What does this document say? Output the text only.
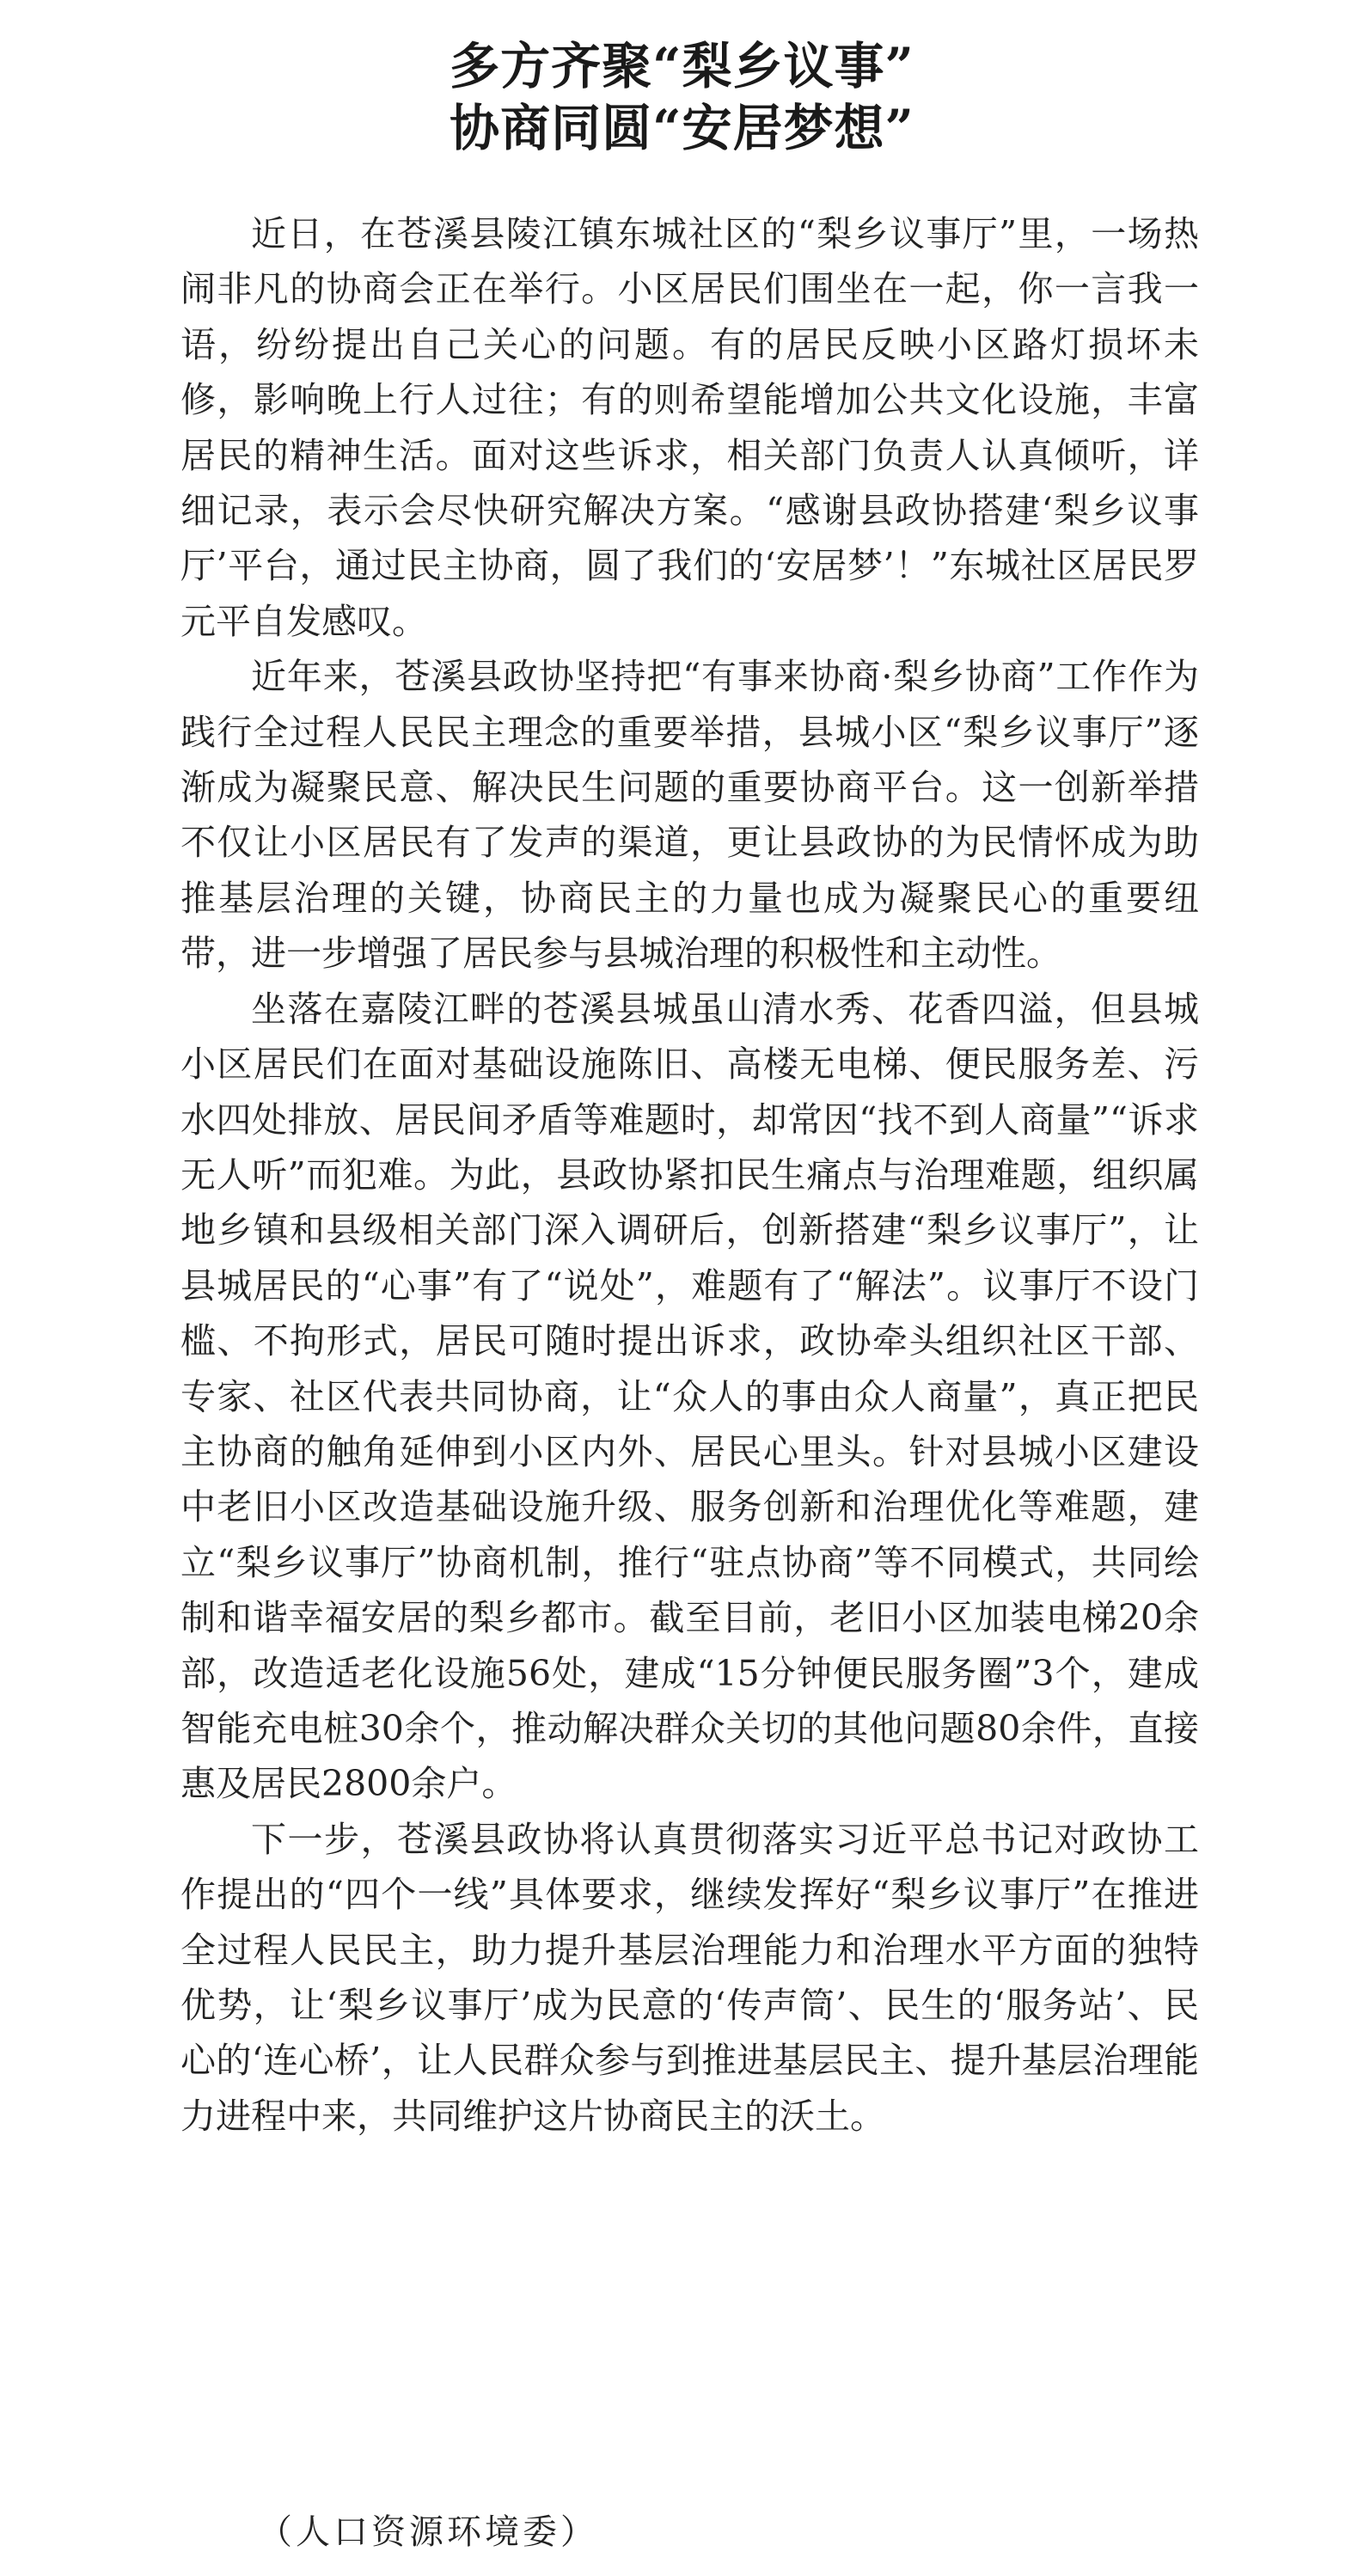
多方齐聚“梨乡议事”
协商同圆“安居梦想”

近日，在苍溪县陵江镇东城社区的“梨乡议事厅”里，一场热闹非凡的协商会正在举行。小区居民们围坐在一起，你一言我一语，纷纷提出自己关心的问题。有的居民反映小区路灯损坏未修，影响晚上行人过往；有的则希望能增加公共文化设施，丰富居民的精神生活。面对这些诉求，相关部门负责人认真倾听，详细记录，表示会尽快研究解决方案。“感谢县政协搭建‘梨乡议事厅’平台，通过民主协商，圆了我们的‘安居梦’！”东城社区居民罗元平自发感叹。

近年来，苍溪县政协坚持把“有事来协商·梨乡协商”工作作为践行全过程人民民主理念的重要举措，县城小区“梨乡议事厅”逐渐成为凝聚民意、解决民生问题的重要协商平台。这一创新举措不仅让小区居民有了发声的渠道，更让县政协的为民情怀成为助推基层治理的关键，协商民主的力量也成为凝聚民心的重要纽带，进一步增强了居民参与县城治理的积极性和主动性。

坐落在嘉陵江畔的苍溪县城虽山清水秀、花香四溢，但县城小区居民们在面对基础设施陈旧、高楼无电梯、便民服务差、污水四处排放、居民间矛盾等难题时，却常因“找不到人商量”“诉求无人听”而犯难。为此，县政协紧扣民生痛点与治理难题，组织属地乡镇和县级相关部门深入调研后，创新搭建“梨乡议事厅”，让县城居民的“心事”有了“说处”，难题有了“解法”。议事厅不设门槛、不拘形式，居民可随时提出诉求，政协牵头组织社区干部、专家、社区代表共同协商，让“众人的事由众人商量”，真正把民主协商的触角延伸到小区内外、居民心里头。针对县城小区建设中老旧小区改造基础设施升级、服务创新和治理优化等难题，建立“梨乡议事厅”协商机制，推行“驻点协商”等不同模式，共同绘制和谐幸福安居的梨乡都市。截至目前，老旧小区加装电梯20余部，改造适老化设施56处，建成“15分钟便民服务圈”3个，建成智能充电桩30余个，推动解决群众关切的其他问题80余件，直接惠及居民2800余户。

下一步，苍溪县政协将认真贯彻落实习近平总书记对政协工作提出的“四个一线”具体要求，继续发挥好“梨乡议事厅”在推进全过程人民民主，助力提升基层治理能力和治理水平方面的独特优势，让‘梨乡议事厅’成为民意的‘传声筒’、民生的‘服务站’、民心的‘连心桥’，让人民群众参与到推进基层民主、提升基层治理能力进程中来，共同维护这片协商民主的沃土。

（人口资源环境委）
